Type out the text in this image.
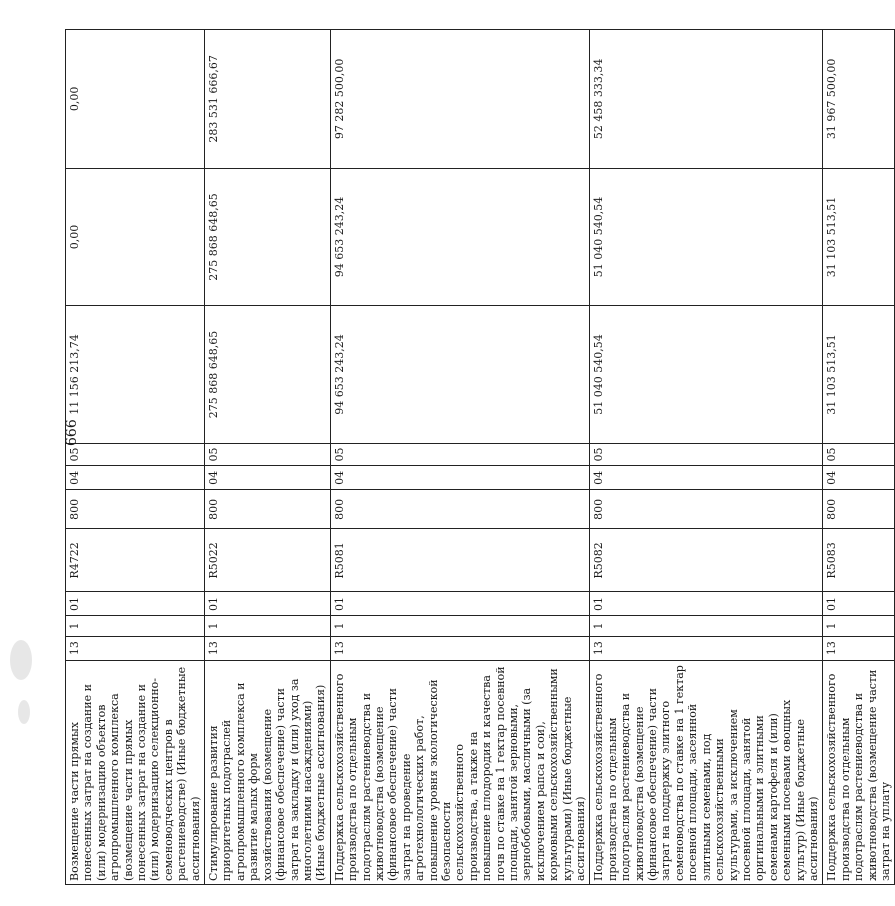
666
Возмещение части прямых понесенных затрат на создание и (или) модернизацию объектов агропромышленного комплекса (возмещение части прямых понесенных затрат на создание и (или) модернизацию селекционно-семеноводческих центров в растениеводстве) (Иные бюджетные ассигнования)	13	1	01	R4722	800	04	05	11 156 213,74	0,00	0,00
Стимулирование развития приоритетных подотраслей агропромышленного комплекса и развитие малых форм хозяйствования (возмещение (финансовое обеспечение) части затрат на закладку и (или) уход за многолетними насаждениями) (Иные бюджетные ассигнования)	13	1	01	R5022	800	04	05	275 868 648,65	275 868 648,65	283 531 666,67
Поддержка сельскохозяйственного производства по отдельным подотраслям растениеводства и животноводства (возмещение (финансовое обеспечение) части затрат на проведение агротехнологических работ, повышение уровня экологической безопасности сельскохозяйственного производства, а также на повышение плодородия и качества почв по ставке на 1 гектар посевной площади, занятой зерновыми, зернобобовыми, масличными (за исключением рапса и сои), кормовыми сельскохозяйственными культурами) (Иные бюджетные ассигнования)	13	1	01	R5081	800	04	05	94 653 243,24	94 653 243,24	97 282 500,00
Поддержка сельскохозяйственного производства по отдельным подотраслям растениеводства и животноводства (возмещение (финансовое обеспечение) части затрат на поддержку элитного семеноводства по ставке на 1 гектар посевной площади, засеянной элитными семенами, под сельскохозяйственными культурами, за исключением посевной площади, занятой оригинальными и элитными семенами картофеля и (или) семенными посевами овощных культур) (Иные бюджетные ассигнования)	13	1	01	R5082	800	04	05	51 040 540,54	51 040 540,54	52 458 333,34
Поддержка сельскохозяйственного производства по отдельным подотраслям растениеводства и животноводства (возмещение части затрат на уплату	13	1	01	R5083	800	04	05	31 103 513,51	31 103 513,51	31 967 500,00
